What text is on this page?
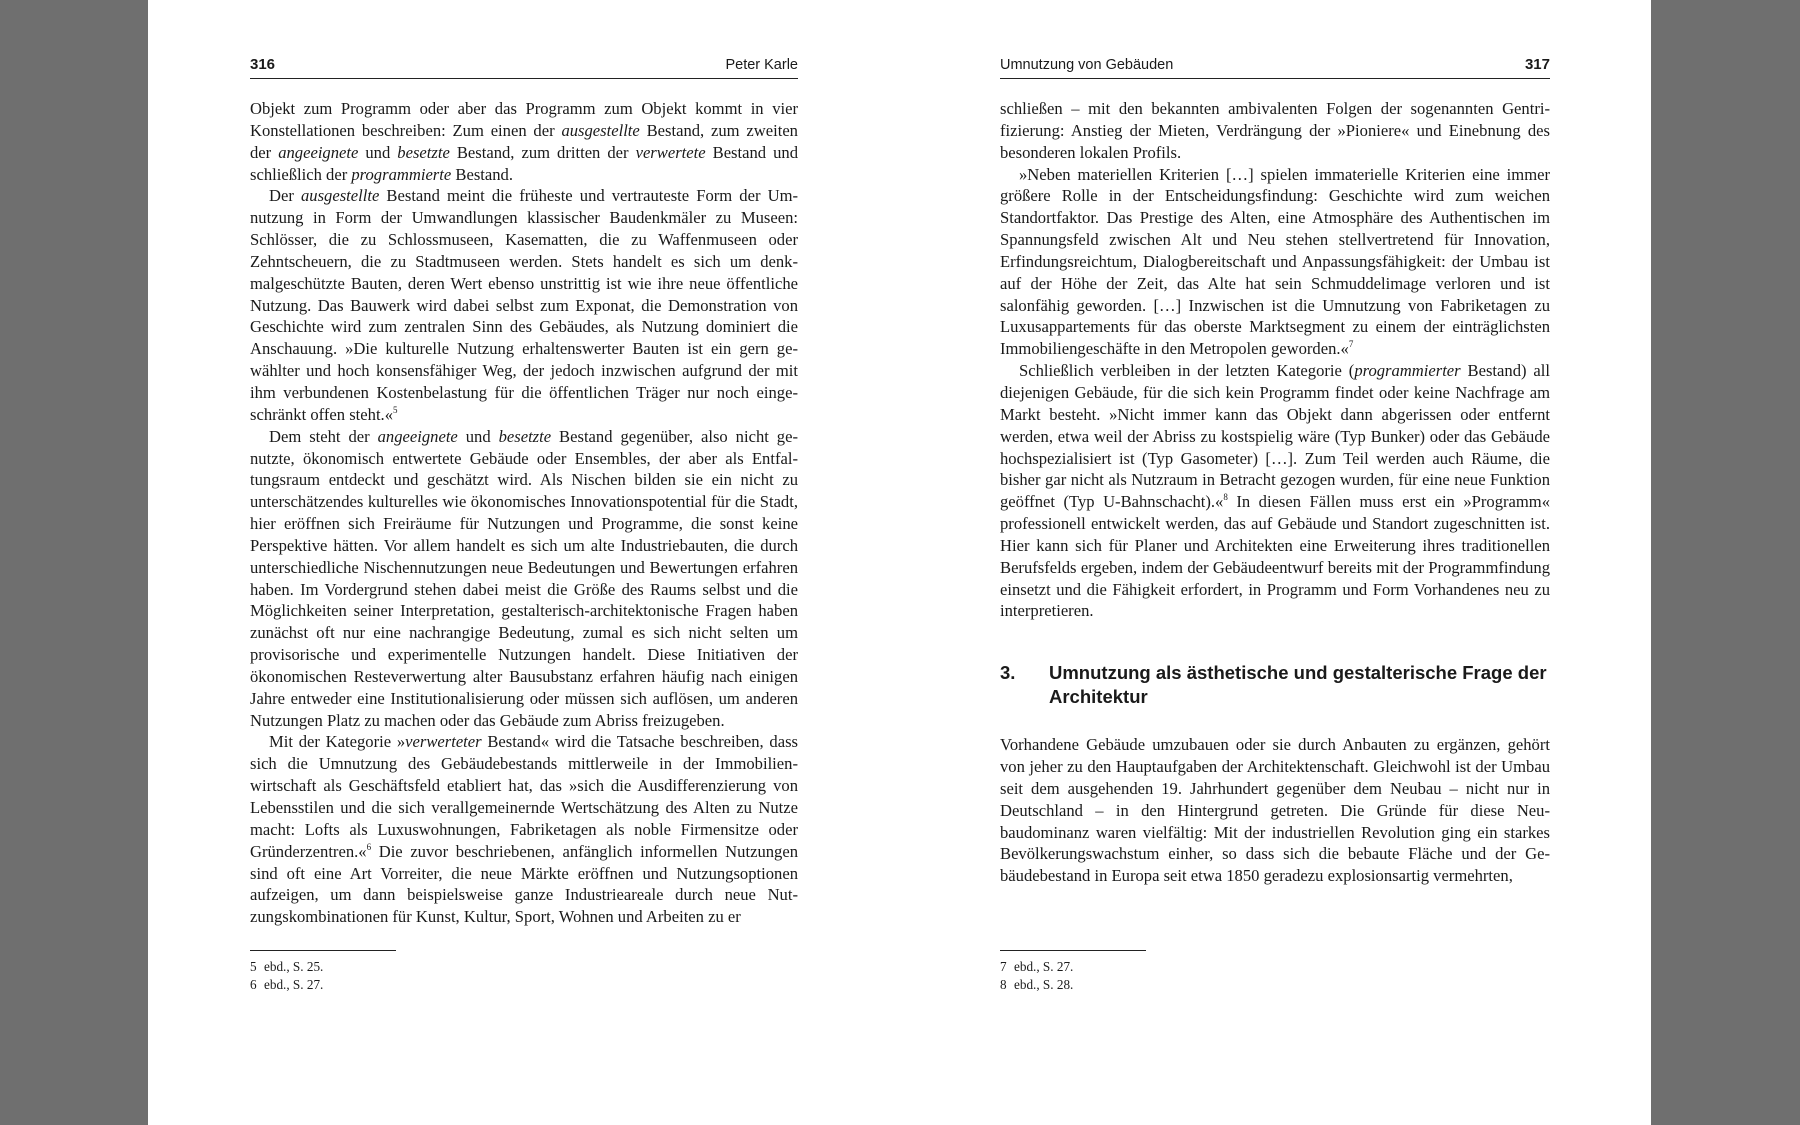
316	Peter Karle

Objekt zum Programm oder aber das Programm zum Objekt kommt in vier Konstellationen beschreiben: Zum einen der ausgestellte Bestand, zum zweiten der angeeignete und besetzte Bestand, zum dritten der verwertete Bestand und schließlich der programmierte Bestand.

Der ausgestellte Bestand meint die früheste und vertrauteste Form der Umnutzung in Form der Umwandlungen klassischer Baudenkmäler zu Museen: Schlösser, die zu Schlossmuseen, Kasematten, die zu Waffenmuseen oder Zehntscheuern, die zu Stadtmuseen werden. Stets handelt es sich um denkmalgeschützte Bauten, deren Wert ebenso unstrittig ist wie ihre neue öffentliche Nutzung. Das Bauwerk wird dabei selbst zum Exponat, die Demonstration von Geschichte wird zum zentralen Sinn des Gebäudes, als Nutzung dominiert die Anschauung. »Die kulturelle Nutzung erhaltenswerter Bauten ist ein gern gewählter und hoch konsensfähiger Weg, der jedoch inzwischen aufgrund der mit ihm verbundenen Kostenbelastung für die öffentlichen Träger nur noch eingeschränkt offen steht.«$^5$

Dem steht der angeeignete und besetzte Bestand gegenüber, also nicht genutzte, ökonomisch entwertete Gebäude oder Ensembles, der aber als Entfaltungsraum entdeckt und geschätzt wird. Als Nischen bilden sie ein nicht zu unterschätzendes kulturelles wie ökonomisches Innovationspotential für die Stadt, hier eröffnen sich Freiräume für Nutzungen und Programme, die sonst keine Perspektive hätten. Vor allem handelt es sich um alte Industriebauten, die durch unterschiedliche Nischennutzungen neue Bedeutungen und Bewertungen erfahren haben. Im Vordergrund stehen dabei meist die Größe des Raums selbst und die Möglichkeiten seiner Interpretation, gestalterisch-architektonische Fragen haben zunächst oft nur eine nachrangige Bedeutung, zumal es sich nicht selten um provisorische und experimentelle Nutzungen handelt. Diese Initiativen der ökonomischen Resteverwertung alter Bausubstanz erfahren häufig nach einigen Jahre entweder eine Institutionalisierung oder müssen sich auflösen, um anderen Nutzungen Platz zu machen oder das Gebäude zum Abriss freizugeben.

Mit der Kategorie »verwerteter Bestand« wird die Tatsache beschreiben, dass sich die Umnutzung des Gebäudebestands mittlerweile in der Immobilienwirtschaft als Geschäftsfeld etabliert hat, das »sich die Ausdifferenzierung von Lebensstilen und die sich verallgemeinernde Wertschätzung des Alten zu Nutze macht: Lofts als Luxuswohnungen, Fabriketagen als noble Firmensitze oder Gründerzentren.«$^6$ Die zuvor beschriebenen, anfänglich informellen Nutzungen sind oft eine Art Vorreiter, die neue Märkte eröffnen und Nutzungsoptionen aufzeigen, um dann beispielsweise ganze Industrieareale durch neue Nutzungskombinationen für Kunst, Kultur, Sport, Wohnen und Arbeiten zu er

5 ebd., S. 25.
6 ebd., S. 27.
Umnutzung von Gebäuden	317

schließen – mit den bekannten ambivalenten Folgen der sogenannten Gentrifizierung: Anstieg der Mieten, Verdrängung der »Pioniere« und Einebnung des besonderen lokalen Profils.

»Neben materiellen Kriterien […] spielen immaterielle Kriterien eine immer größere Rolle in der Entscheidungsfindung: Geschichte wird zum weichen Standortfaktor. Das Prestige des Alten, eine Atmosphäre des Authentischen im Spannungsfeld zwischen Alt und Neu stehen stellvertretend für Innovation, Erfindungsreichtum, Dialogbereitschaft und Anpassungsfähigkeit: der Umbau ist auf der Höhe der Zeit, das Alte hat sein Schmuddelimage verloren und ist salonfähig geworden. […] Inzwischen ist die Umnutzung von Fabriketagen zu Luxusappartements für das oberste Marktsegment zu einem der einträglichsten Immobiliengeschäfte in den Metropolen geworden.«$^7$

Schließlich verbleiben in der letzten Kategorie (programmierter Bestand) all diejenigen Gebäude, für die sich kein Programm findet oder keine Nachfrage am Markt besteht. »Nicht immer kann das Objekt dann abgerissen oder entfernt werden, etwa weil der Abriss zu kostspielig wäre (Typ Bunker) oder das Gebäude hochspezialisiert ist (Typ Gasometer) […]. Zum Teil werden auch Räume, die bisher gar nicht als Nutzraum in Betracht gezogen wurden, für eine neue Funktion geöffnet (Typ U-Bahnschacht).«$^8$ In diesen Fällen muss erst ein »Programm« professionell entwickelt werden, das auf Gebäude und Standort zugeschnitten ist. Hier kann sich für Planer und Architekten eine Erweiterung ihres traditionellen Berufsfelds ergeben, indem der Gebäudeentwurf bereits mit der Programmfindung einsetzt und die Fähigkeit erfordert, in Programm und Form Vorhandenes neu zu interpretieren.

3.	Umnutzung als ästhetische und gestalterische Frage der Architektur

Vorhandene Gebäude umzubauen oder sie durch Anbauten zu ergänzen, gehört von jeher zu den Hauptaufgaben der Architektenschaft. Gleichwohl ist der Umbau seit dem ausgehenden 19. Jahrhundert gegenüber dem Neubau – nicht nur in Deutschland – in den Hintergrund getreten. Die Gründe für diese Neubaudominanz waren vielfältig: Mit der industriellen Revolution ging ein starkes Bevölkerungswachstum einher, so dass sich die bebaute Fläche und der Gebäudebestand in Europa seit etwa 1850 geradezu explosionsartig vermehrten,

7 ebd., S. 27.
8 ebd., S. 28.
